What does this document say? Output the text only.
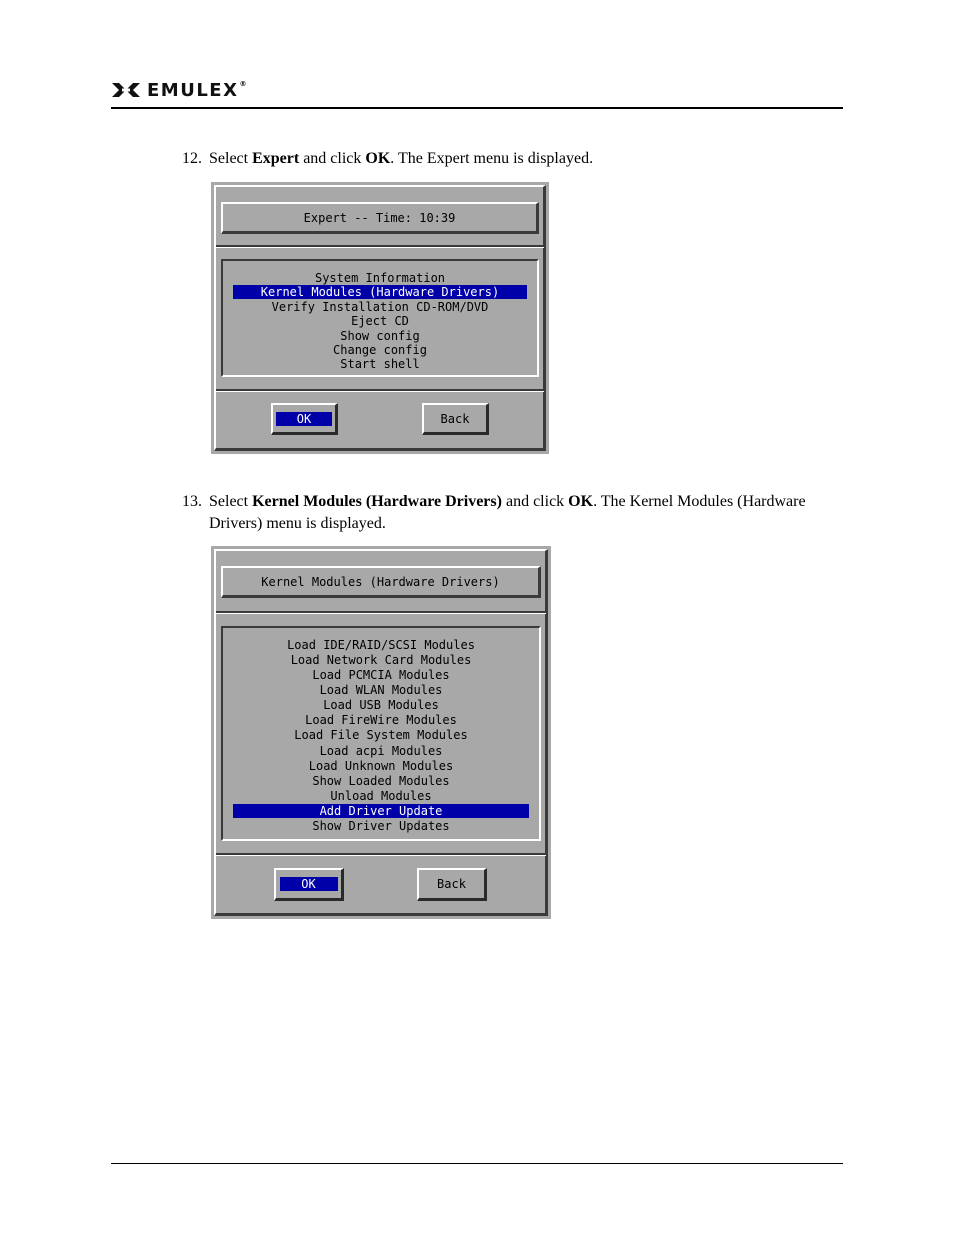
EMULEX®
12. Select Expert and click OK. The Expert menu is displayed.
Expert -- Time: 10:39
System Information
Kernel Modules (Hardware Drivers)
Verify Installation CD-ROM/DVD
Eject CD
Show config
Change config
Start shell
OK	Back
13. Select Kernel Modules (Hardware Drivers) and click OK. The Kernel Modules (Hardware Drivers) menu is displayed.
Kernel Modules (Hardware Drivers)
Load IDE/RAID/SCSI Modules
Load Network Card Modules
Load PCMCIA Modules
Load WLAN Modules
Load USB Modules
Load FireWire Modules
Load File System Modules
Load acpi Modules
Load Unknown Modules
Show Loaded Modules
Unload Modules
Add Driver Update
Show Driver Updates
OK	Back
